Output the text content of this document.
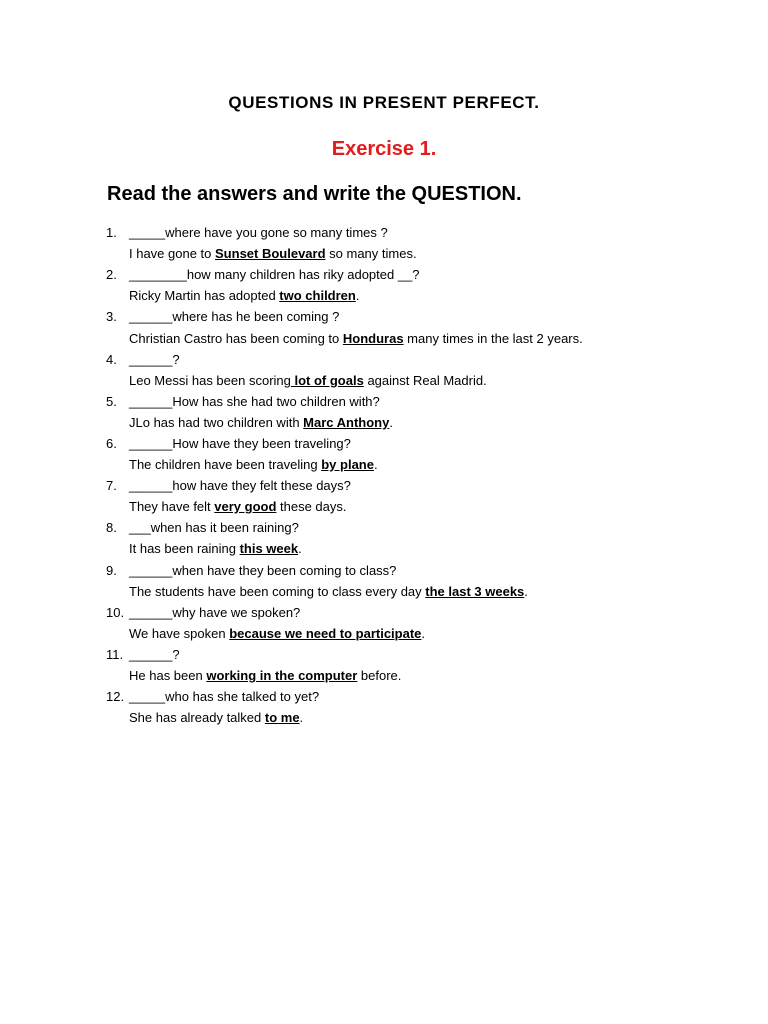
QUESTIONS IN PRESENT PERFECT.
Exercise 1.
Read the answers and write the QUESTION.
1. _____where have you gone so many times ?
I have gone to Sunset Boulevard so many times.
2. ________how many children has riky adopted __?
Ricky Martin has adopted two children.
3. ______where has he been coming ?
Christian Castro has been coming to Honduras many times in the last 2 years.
4. ______?
Leo Messi has been scoring lot of goals against Real Madrid.
5. ______How has she had two children with?
JLo has had two children with Marc Anthony.
6. ______How have they been traveling?
The children have been traveling by plane.
7. ______how have they felt these days?
They have felt very good these days.
8. ___when has it been raining?
It has been raining this week.
9. ______when have they been coming to class?
The students have been coming to class every day the last 3 weeks.
10. ______why have we spoken?
We have spoken because we need to participate.
11. ______?
He has been working in the computer before.
12. _____who has she talked to yet?
She has already talked to me.
